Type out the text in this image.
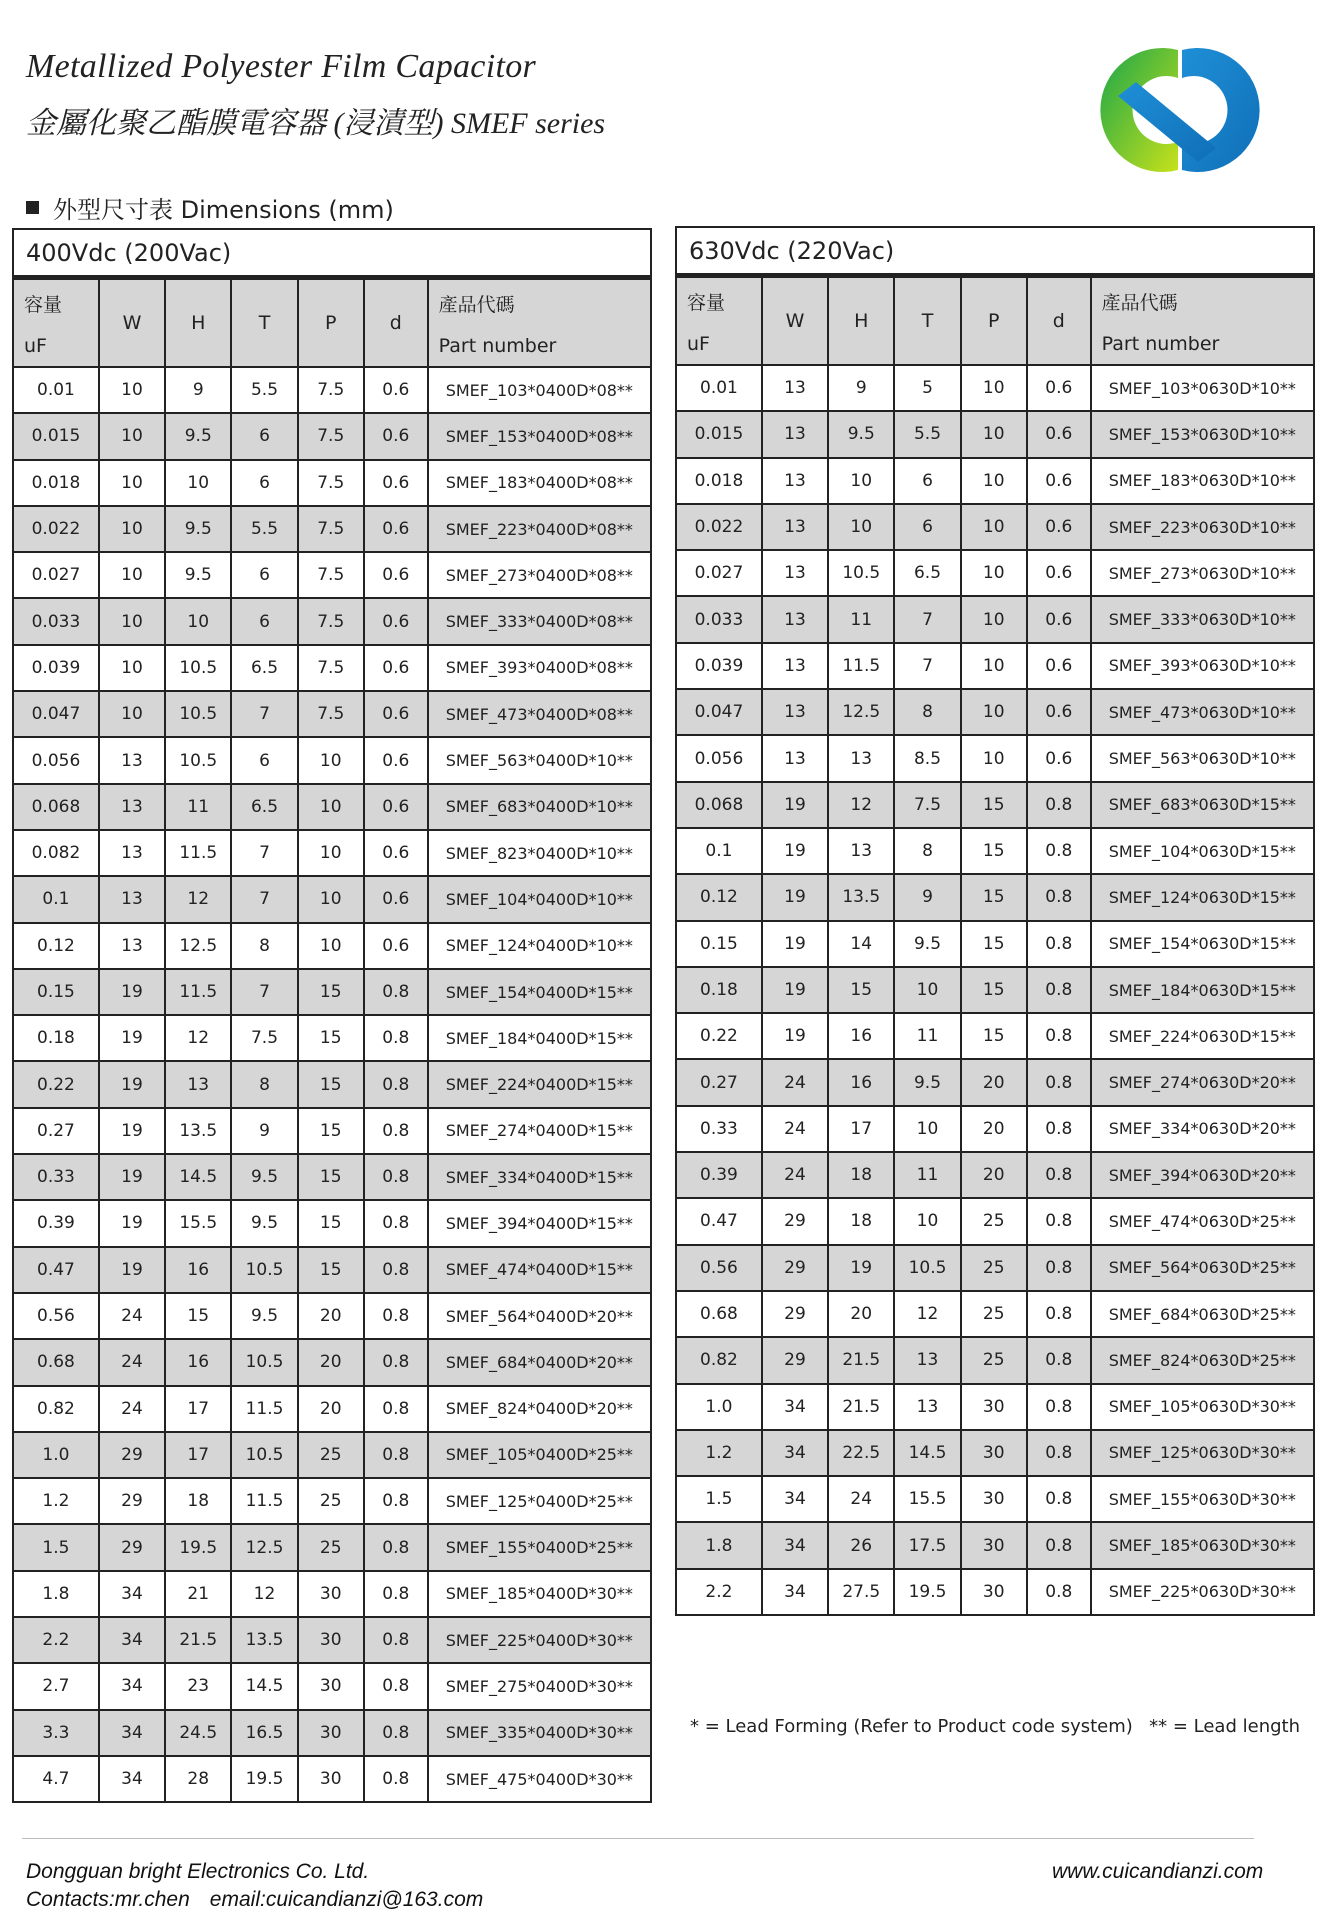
Metallized Polyester Film Capacitor
金屬化聚乙酯膜電容器 (浸漬型) SMEF series
外型尺寸表 Dimensions (mm)
400Vdc (200Vac)
容量
uF	W	H	T	P	d	產品代碼
Part number

0.01	10	9	5.5	7.5	0.6	SMEF_103*0400D*08**
0.015	10	9.5	6	7.5	0.6	SMEF_153*0400D*08**
0.018	10	10	6	7.5	0.6	SMEF_183*0400D*08**
0.022	10	9.5	5.5	7.5	0.6	SMEF_223*0400D*08**
0.027	10	9.5	6	7.5	0.6	SMEF_273*0400D*08**
0.033	10	10	6	7.5	0.6	SMEF_333*0400D*08**
0.039	10	10.5	6.5	7.5	0.6	SMEF_393*0400D*08**
0.047	10	10.5	7	7.5	0.6	SMEF_473*0400D*08**
0.056	13	10.5	6	10	0.6	SMEF_563*0400D*10**
0.068	13	11	6.5	10	0.6	SMEF_683*0400D*10**
0.082	13	11.5	7	10	0.6	SMEF_823*0400D*10**
0.1	13	12	7	10	0.6	SMEF_104*0400D*10**
0.12	13	12.5	8	10	0.6	SMEF_124*0400D*10**
0.15	19	11.5	7	15	0.8	SMEF_154*0400D*15**
0.18	19	12	7.5	15	0.8	SMEF_184*0400D*15**
0.22	19	13	8	15	0.8	SMEF_224*0400D*15**
0.27	19	13.5	9	15	0.8	SMEF_274*0400D*15**
0.33	19	14.5	9.5	15	0.8	SMEF_334*0400D*15**
0.39	19	15.5	9.5	15	0.8	SMEF_394*0400D*15**
0.47	19	16	10.5	15	0.8	SMEF_474*0400D*15**
0.56	24	15	9.5	20	0.8	SMEF_564*0400D*20**
0.68	24	16	10.5	20	0.8	SMEF_684*0400D*20**
0.82	24	17	11.5	20	0.8	SMEF_824*0400D*20**
1.0	29	17	10.5	25	0.8	SMEF_105*0400D*25**
1.2	29	18	11.5	25	0.8	SMEF_125*0400D*25**
1.5	29	19.5	12.5	25	0.8	SMEF_155*0400D*25**
1.8	34	21	12	30	0.8	SMEF_185*0400D*30**
2.2	34	21.5	13.5	30	0.8	SMEF_225*0400D*30**
2.7	34	23	14.5	30	0.8	SMEF_275*0400D*30**
3.3	34	24.5	16.5	30	0.8	SMEF_335*0400D*30**
4.7	34	28	19.5	30	0.8	SMEF_475*0400D*30**
630Vdc (220Vac)
容量
uF	W	H	T	P	d	產品代碼
Part number

0.01	13	9	5	10	0.6	SMEF_103*0630D*10**
0.015	13	9.5	5.5	10	0.6	SMEF_153*0630D*10**
0.018	13	10	6	10	0.6	SMEF_183*0630D*10**
0.022	13	10	6	10	0.6	SMEF_223*0630D*10**
0.027	13	10.5	6.5	10	0.6	SMEF_273*0630D*10**
0.033	13	11	7	10	0.6	SMEF_333*0630D*10**
0.039	13	11.5	7	10	0.6	SMEF_393*0630D*10**
0.047	13	12.5	8	10	0.6	SMEF_473*0630D*10**
0.056	13	13	8.5	10	0.6	SMEF_563*0630D*10**
0.068	19	12	7.5	15	0.8	SMEF_683*0630D*15**
0.1	19	13	8	15	0.8	SMEF_104*0630D*15**
0.12	19	13.5	9	15	0.8	SMEF_124*0630D*15**
0.15	19	14	9.5	15	0.8	SMEF_154*0630D*15**
0.18	19	15	10	15	0.8	SMEF_184*0630D*15**
0.22	19	16	11	15	0.8	SMEF_224*0630D*15**
0.27	24	16	9.5	20	0.8	SMEF_274*0630D*20**
0.33	24	17	10	20	0.8	SMEF_334*0630D*20**
0.39	24	18	11	20	0.8	SMEF_394*0630D*20**
0.47	29	18	10	25	0.8	SMEF_474*0630D*25**
0.56	29	19	10.5	25	0.8	SMEF_564*0630D*25**
0.68	29	20	12	25	0.8	SMEF_684*0630D*25**
0.82	29	21.5	13	25	0.8	SMEF_824*0630D*25**
1.0	34	21.5	13	30	0.8	SMEF_105*0630D*30**
1.2	34	22.5	14.5	30	0.8	SMEF_125*0630D*30**
1.5	34	24	15.5	30	0.8	SMEF_155*0630D*30**
1.8	34	26	17.5	30	0.8	SMEF_185*0630D*30**
2.2	34	27.5	19.5	30	0.8	SMEF_225*0630D*30**
* = Lead Forming (Refer to Product code system) ** = Lead length
Dongguan bright Electronics Co. Ltd.
Contacts:mr.chen email:cuicandianzi@163.com
www.cuicandianzi.com
